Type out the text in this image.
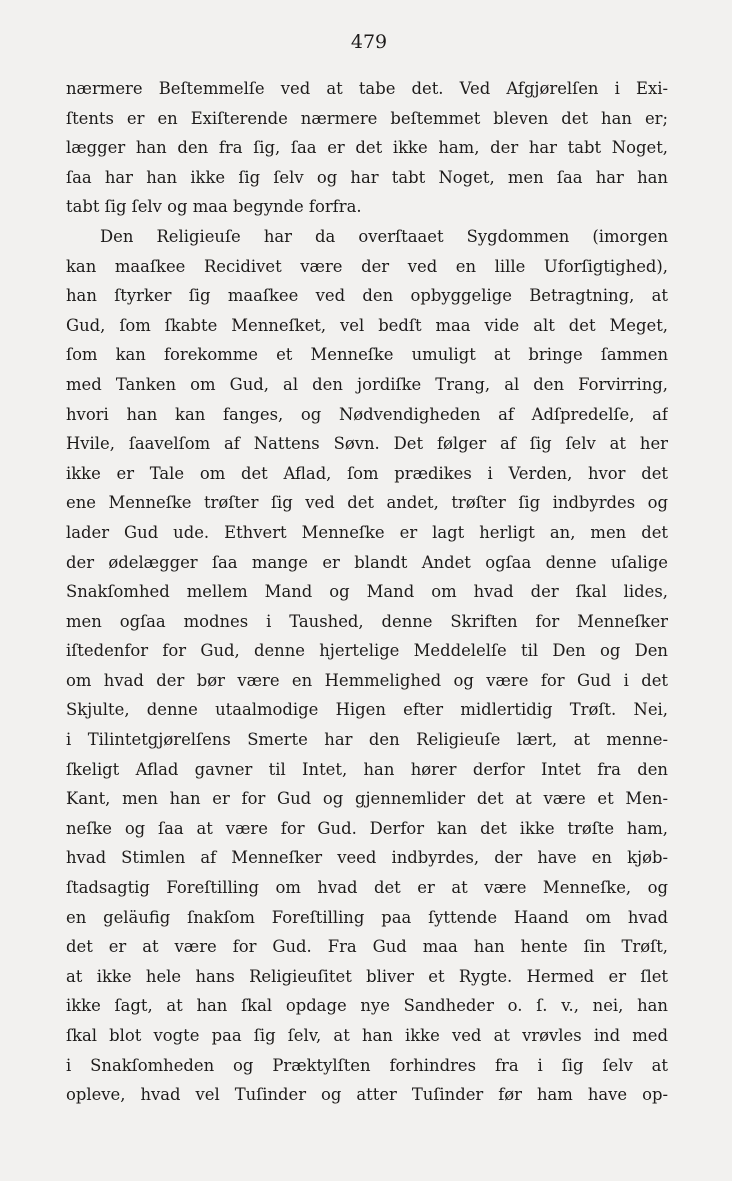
479
nærmere Beſtemmelſe ved at tabe det. Ved Afgjørelſen i Exi-
ſtents er en Exiſterende nærmere beſtemmet bleven det han er;
lægger han den fra ſig, ſaa er det ikke ham, der har tabt Noget,
ſaa har han ikke ſig ſelv og har tabt Noget, men ſaa har han
tabt ſig ſelv og maa begynde forfra.
Den Religieuſe har da overſtaaet Sygdommen (imorgen
kan maaſkee Recidivet være der ved en lille Uforſigtighed),
han ſtyrker ſig maaſkee ved den opbyggelige Betragtning, at
Gud, ſom ſkabte Menneſket, vel bedſt maa vide alt det Meget,
ſom kan forekomme et Menneſke umuligt at bringe ſammen
med Tanken om Gud, al den jordiſke Trang, al den Forvirring,
hvori han kan fanges, og Nødvendigheden af Adſpredelſe, af
Hvile, ſaavelſom af Nattens Søvn. Det følger af ſig ſelv at her
ikke er Tale om det Aflad, ſom prædikes i Verden, hvor det
ene Menneſke trøſter ſig ved det andet, trøſter ſig indbyrdes og
lader Gud ude. Ethvert Menneſke er lagt herligt an, men det
der ødelægger ſaa mange er blandt Andet ogſaa denne uſalige
Snakſomhed mellem Mand og Mand om hvad der ſkal lides,
men ogſaa modnes i Taushed, denne Skriften for Menneſker
iſtedenfor for Gud, denne hjertelige Meddelelſe til Den og Den
om hvad der bør være en Hemmelighed og være for Gud i det
Skjulte, denne utaalmodige Higen efter midlertidig Trøſt. Nei,
i Tilintetgjørelſens Smerte har den Religieuſe lært, at menne-
ſkeligt Aflad gavner til Intet, han hører derfor Intet fra den
Kant, men han er for Gud og gjennemlider det at være et Men-
neſke og ſaa at være for Gud. Derfor kan det ikke trøſte ham,
hvad Stimlen af Menneſker veed indbyrdes, der have en kjøb-
ſtadsagtig Foreſtilling om hvad det er at være Menneſke, og
en geläufig ſnakſom Foreſtilling paa ſyttende Haand om hvad
det er at være for Gud. Fra Gud maa han hente ſin Trøſt,
at ikke hele hans Religieuſitet bliver et Rygte. Hermed er ſlet
ikke ſagt, at han ſkal opdage nye Sandheder o. ſ. v., nei, han
ſkal blot vogte paa ſig ſelv, at han ikke ved at vrøvles ind med
i Snakſomheden og Præktylſten forhindres fra i ſig ſelv at
opleve, hvad vel Tuſinder og atter Tuſinder før ham have op-
